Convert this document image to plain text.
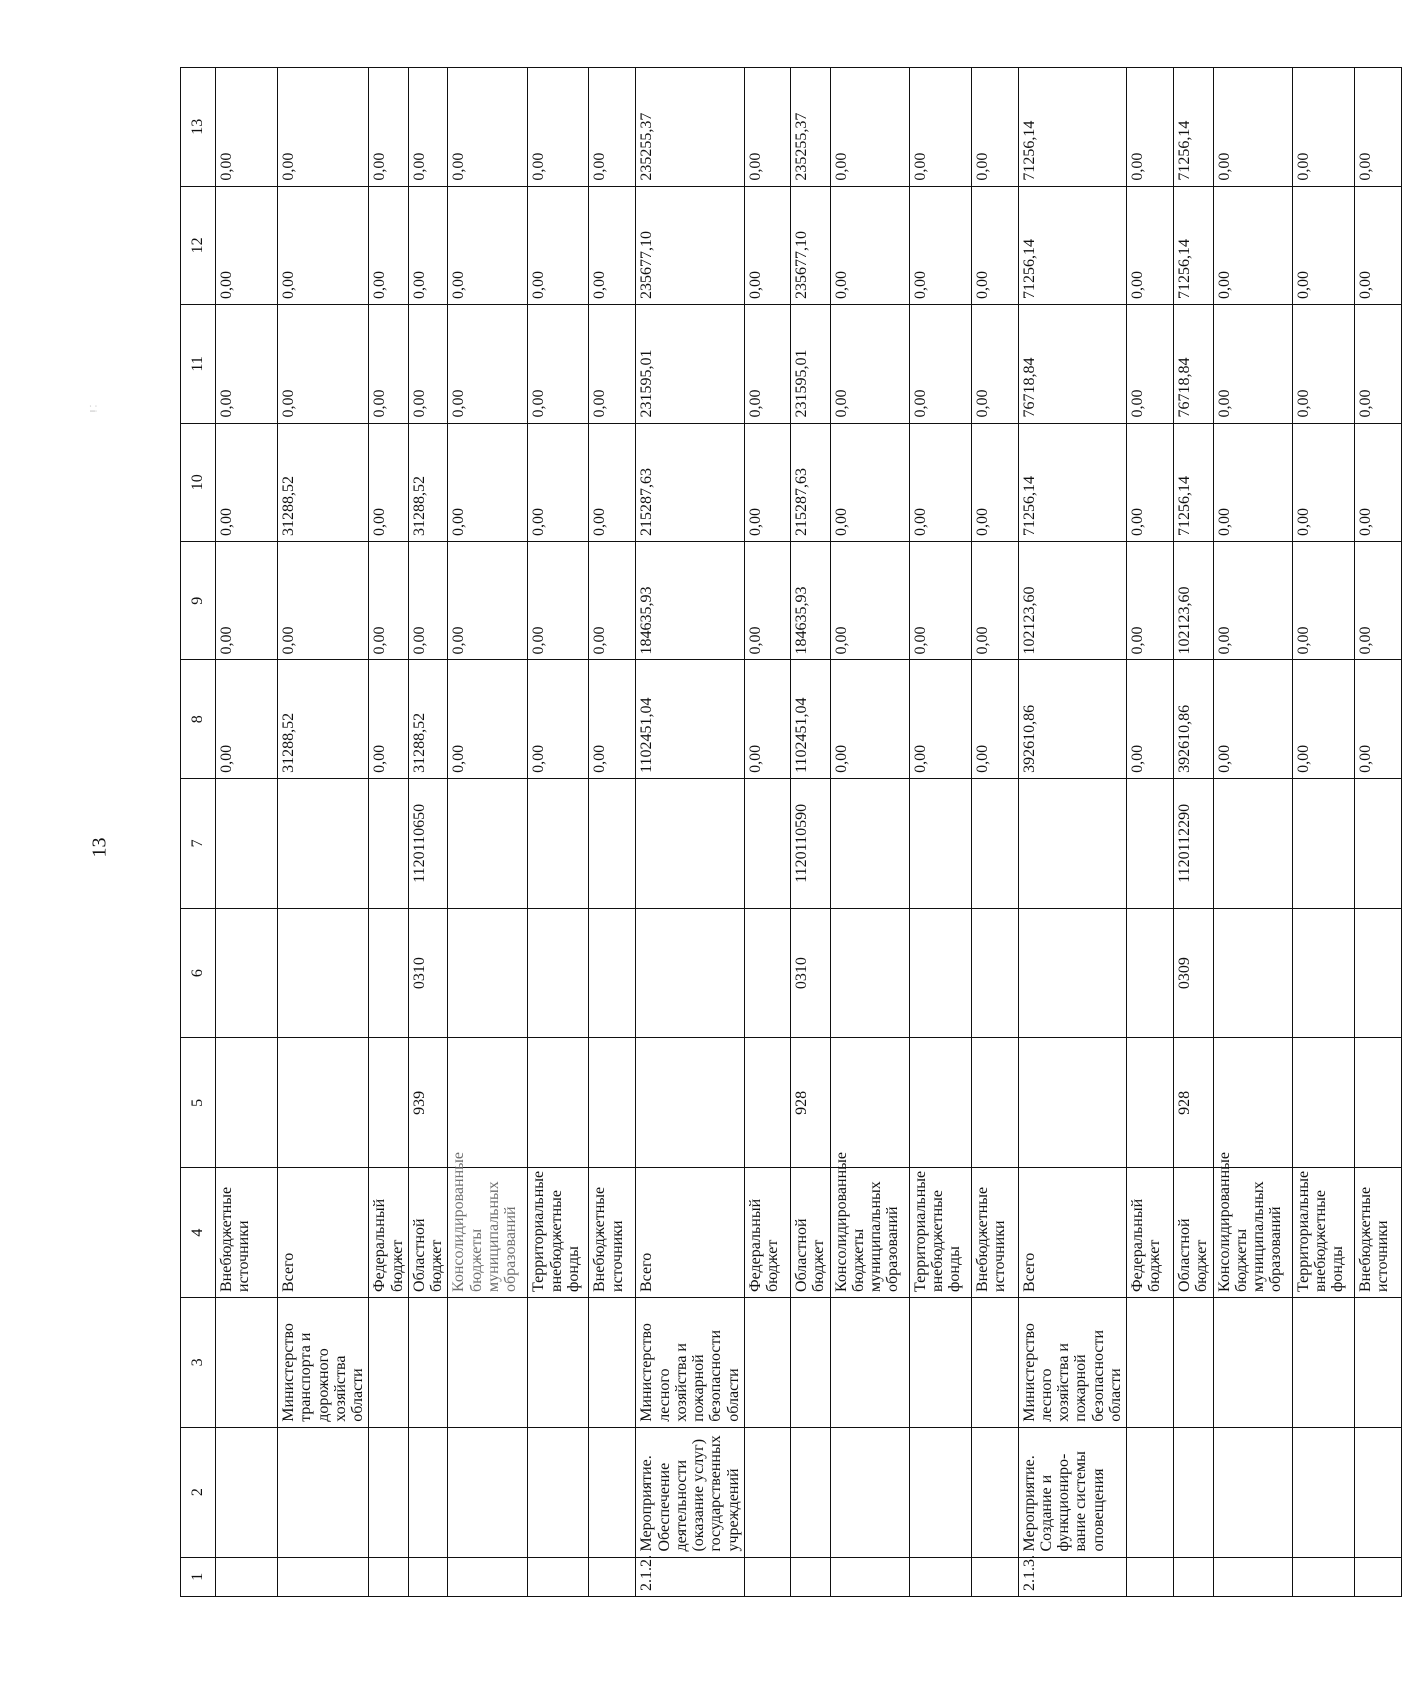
13
ⵑ ⁚
1	2	3	4	5	6	7	8	9	10	11	12	13
			Внебюджетные источники				0,00	0,00	0,00	0,00	0,00	0,00
		Министерство транспорта и дорожного хозяйства области	Всего				31288,52	0,00	31288,52	0,00	0,00	0,00
			Федеральный бюджет				0,00	0,00	0,00	0,00	0,00	0,00
			Областной бюджет	939	0310	1120110650	31288,52	0,00	31288,52	0,00	0,00	0,00
			Консолидированные бюджеты муниципальных образований				0,00	0,00	0,00	0,00	0,00	0,00
			Территориальные внебюджетные фонды				0,00	0,00	0,00	0,00	0,00	0,00
			Внебюджетные источники				0,00	0,00	0,00	0,00	0,00	0,00
2.1.2.	Мероприятие. Обеспечение деятельности (оказание услуг) государственных учреждений	Министерство лесного хозяйства и пожарной безопасности области	Всего				1102451,04	184635,93	215287,63	231595,01	235677,10	235255,37
			Федеральный бюджет				0,00	0,00	0,00	0,00	0,00	0,00
			Областной бюджет	928	0310	1120110590	1102451,04	184635,93	215287,63	231595,01	235677,10	235255,37
			Консолидированные бюджеты муниципальных образований				0,00	0,00	0,00	0,00	0,00	0,00
			Территориальные внебюджетные фонды				0,00	0,00	0,00	0,00	0,00	0,00
			Внебюджетные источники				0,00	0,00	0,00	0,00	0,00	0,00
2.1.3.	Мероприятие. Создание и функциониро-вание системы оповещения	Министерство лесного хозяйства и пожарной безопасности области	Всего				392610,86	102123,60	71256,14	76718,84	71256,14	71256,14
			Федеральный бюджет				0,00	0,00	0,00	0,00	0,00	0,00
			Областной бюджет	928	0309	1120112290	392610,86	102123,60	71256,14	76718,84	71256,14	71256,14
			Консолидированные бюджеты муниципальных образований				0,00	0,00	0,00	0,00	0,00	0,00
			Территориальные внебюджетные фонды				0,00	0,00	0,00	0,00	0,00	0,00
			Внебюджетные источники				0,00	0,00	0,00	0,00	0,00	0,00
